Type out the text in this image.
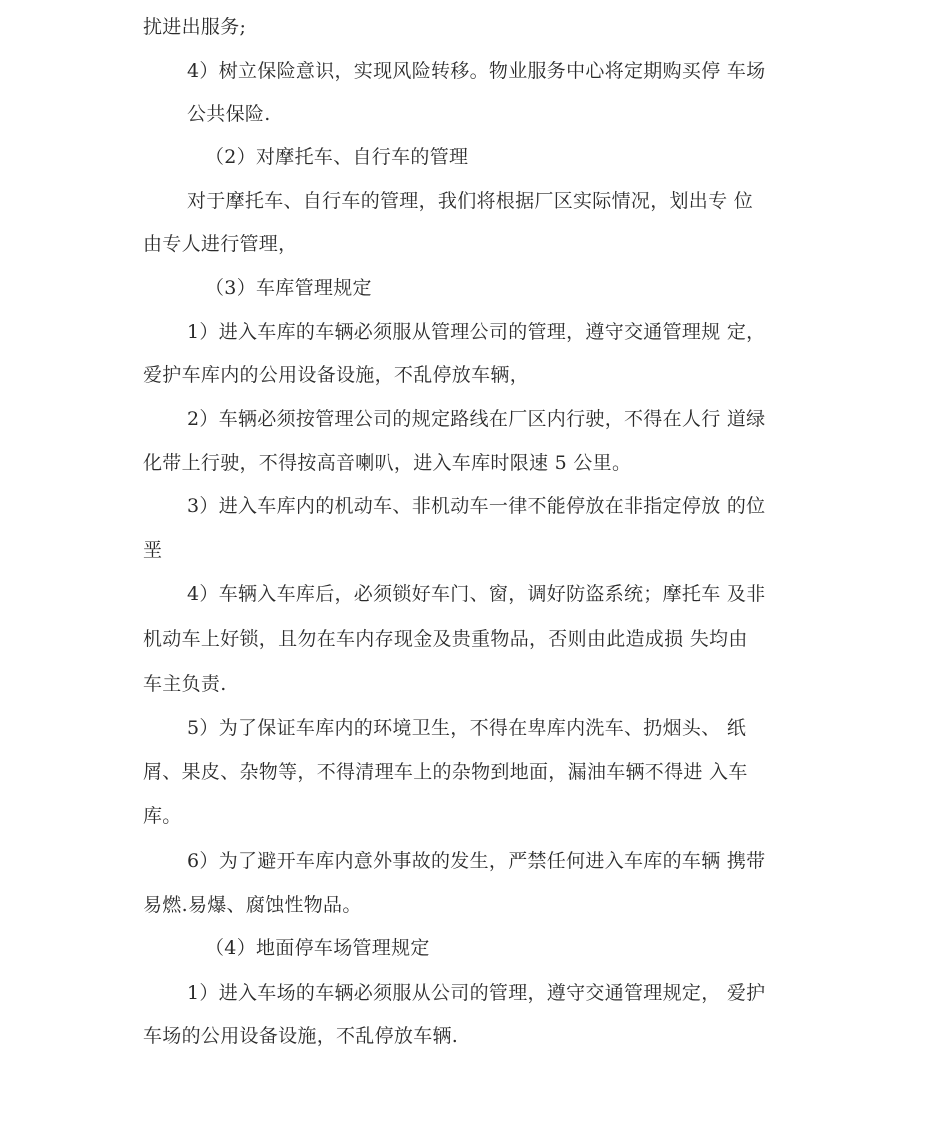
扰进出服务;
4）树立保险意识，实现风险转移。物业服务中心将定期购买停 车场
公共保险.
（2）对摩托车、自行车的管理
对于摩托车、自行车的管理，我们将根据厂区实际情况，划出专 位
由专人进行管理，
（3）车库管理规定
1）进入车库的车辆必须服从管理公司的管理，遵守交通管理规 定，
爱护车库内的公用设备设施，不乱停放车辆，
2）车辆必须按管理公司的规定路线在厂区内行驶，不得在人行 道绿
化带上行驶，不得按高音喇叭，进入车库时限速 5 公里。
3）进入车库内的机动车、非机动车一律不能停放在非指定停放 的位
垩
4）车辆入车库后，必须锁好车门、窗，调好防盗系统；摩托车 及非
机动车上好锁，且勿在车内存现金及贵重物品，否则由此造成损 失均由
车主负责.
5）为了保证车库内的环境卫生，不得在卑库内洗车、扔烟头、 纸
屑、果皮、杂物等，不得清理车上的杂物到地面，漏油车辆不得进 入车
库。
6）为了避开车库内意外事故的发生，严禁任何进入车库的车辆 携带
易燃.易爆、腐蚀性物品。
（4）地面停车场管理规定
1）进入车场的车辆必须服从公司的管理，遵守交通管理规定， 爱护
车场的公用设备设施，不乱停放车辆.
